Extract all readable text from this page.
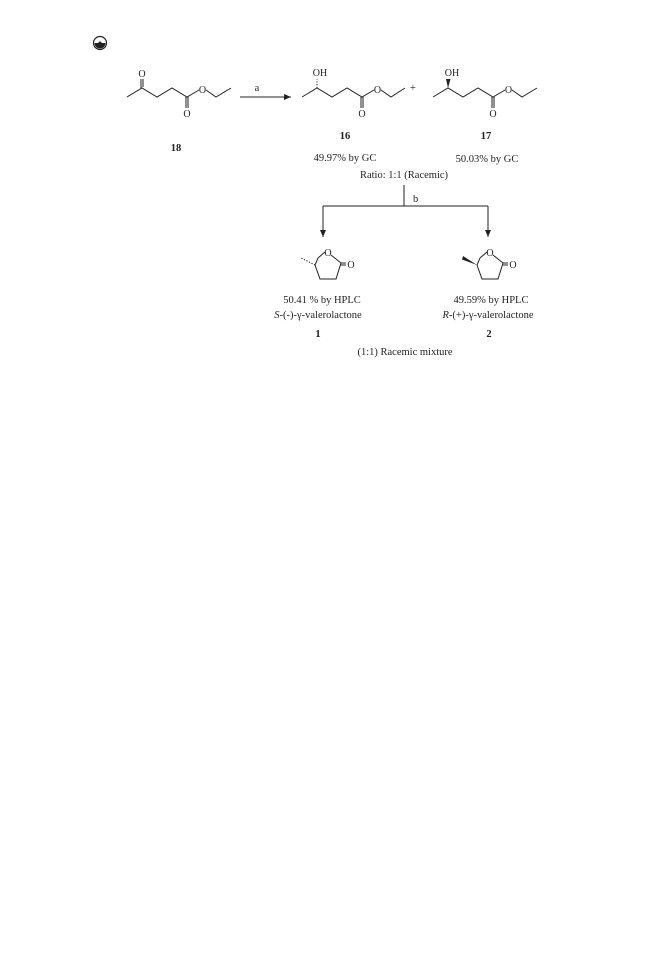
O
O
O
18
a
OH
O
O
+
16
49.97% by GC
OH
O
O
17
50.03% by GC
Ratio: 1:1 (Racemic)
b
O
O
50.41 % by HPLC
S-(-)-γ-valerolactone
1
O
O
49.59% by HPLC
R-(+)-γ-valerolactone
2
(1:1) Racemic mixture
